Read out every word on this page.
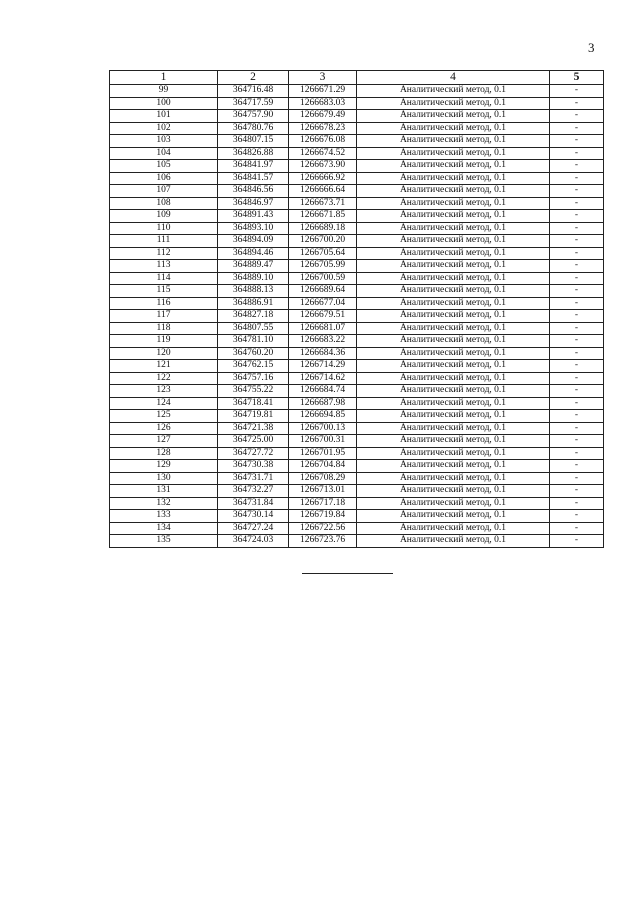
3
1	2	3	4	5
99	364716.48	1266671.29	Аналитический метод, 0.1	-
100	364717.59	1266683.03	Аналитический метод, 0.1	-
101	364757.90	1266679.49	Аналитический метод, 0.1	-
102	364780.76	1266678.23	Аналитический метод, 0.1	-
103	364807.15	1266676.08	Аналитический метод, 0.1	-
104	364826.88	1266674.52	Аналитический метод, 0.1	-
105	364841.97	1266673.90	Аналитический метод, 0.1	-
106	364841.57	1266666.92	Аналитический метод, 0.1	-
107	364846.56	1266666.64	Аналитический метод, 0.1	-
108	364846.97	1266673.71	Аналитический метод, 0.1	-
109	364891.43	1266671.85	Аналитический метод, 0.1	-
110	364893.10	1266689.18	Аналитический метод, 0.1	-
111	364894.09	1266700.20	Аналитический метод, 0.1	-
112	364894.46	1266705.64	Аналитический метод, 0.1	-
113	364889.47	1266705.99	Аналитический метод, 0.1	-
114	364889.10	1266700.59	Аналитический метод, 0.1	-
115	364888.13	1266689.64	Аналитический метод, 0.1	-
116	364886.91	1266677.04	Аналитический метод, 0.1	-
117	364827.18	1266679.51	Аналитический метод, 0.1	-
118	364807.55	1266681.07	Аналитический метод, 0.1	-
119	364781.10	1266683.22	Аналитический метод, 0.1	-
120	364760.20	1266684.36	Аналитический метод, 0.1	-
121	364762.15	1266714.29	Аналитический метод, 0.1	-
122	364757.16	1266714.62	Аналитический метод, 0.1	-
123	364755.22	1266684.74	Аналитический метод, 0.1	-
124	364718.41	1266687.98	Аналитический метод, 0.1	-
125	364719.81	1266694.85	Аналитический метод, 0.1	-
126	364721.38	1266700.13	Аналитический метод, 0.1	-
127	364725.00	1266700.31	Аналитический метод, 0.1	-
128	364727.72	1266701.95	Аналитический метод, 0.1	-
129	364730.38	1266704.84	Аналитический метод, 0.1	-
130	364731.71	1266708.29	Аналитический метод, 0.1	-
131	364732.27	1266713.01	Аналитический метод, 0.1	-
132	364731.84	1266717.18	Аналитический метод, 0.1	-
133	364730.14	1266719.84	Аналитический метод, 0.1	-
134	364727.24	1266722.56	Аналитический метод, 0.1	-
135	364724.03	1266723.76	Аналитический метод, 0.1	-
